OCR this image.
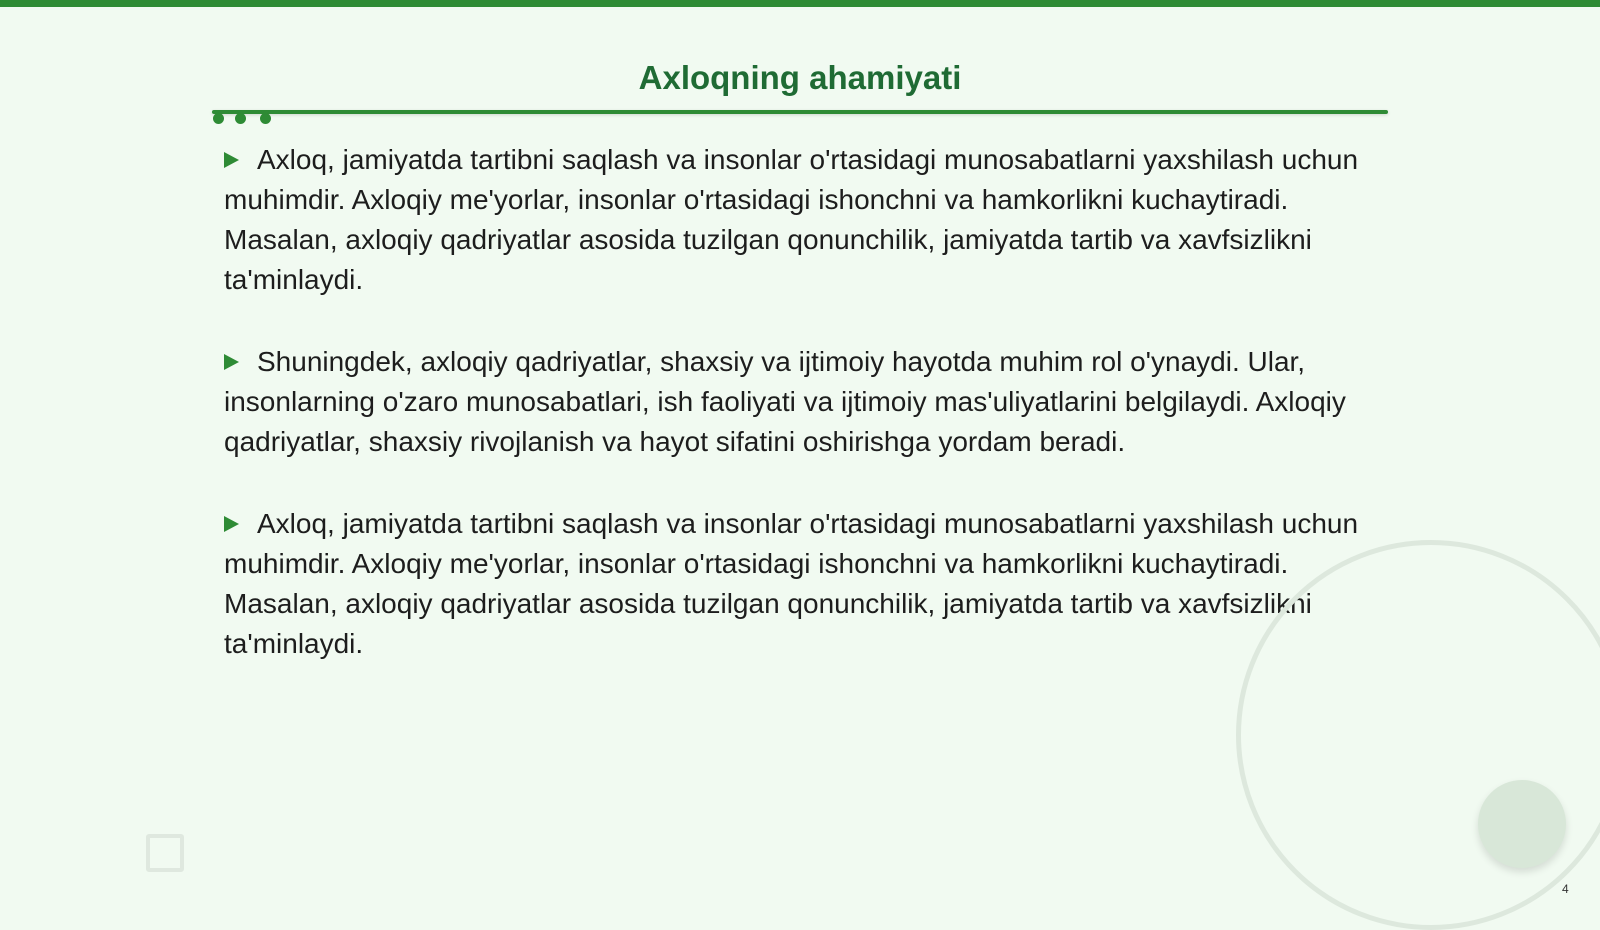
Axloqning ahamiyati

Axloq, jamiyatda tartibni saqlash va insonlar o'rtasidagi munosabatlarni yaxshilash uchun muhimdir. Axloqiy me'yorlar, insonlar o'rtasidagi ishonchni va hamkorlikni kuchaytiradi. Masalan, axloqiy qadriyatlar asosida tuzilgan qonunchilik, jamiyatda tartib va xavfsizlikni ta'minlaydi.

Shuningdek, axloqiy qadriyatlar, shaxsiy va ijtimoiy hayotda muhim rol o'ynaydi. Ular, insonlarning o'zaro munosabatlari, ish faoliyati va ijtimoiy mas'uliyatlarini belgilaydi. Axloqiy qadriyatlar, shaxsiy rivojlanish va hayot sifatini oshirishga yordam beradi.

Axloq, jamiyatda tartibni saqlash va insonlar o'rtasidagi munosabatlarni yaxshilash uchun muhimdir. Axloqiy me'yorlar, insonlar o'rtasidagi ishonchni va hamkorlikni kuchaytiradi. Masalan, axloqiy qadriyatlar asosida tuzilgan qonunchilik, jamiyatda tartib va xavfsizlikni ta'minlaydi.

4
